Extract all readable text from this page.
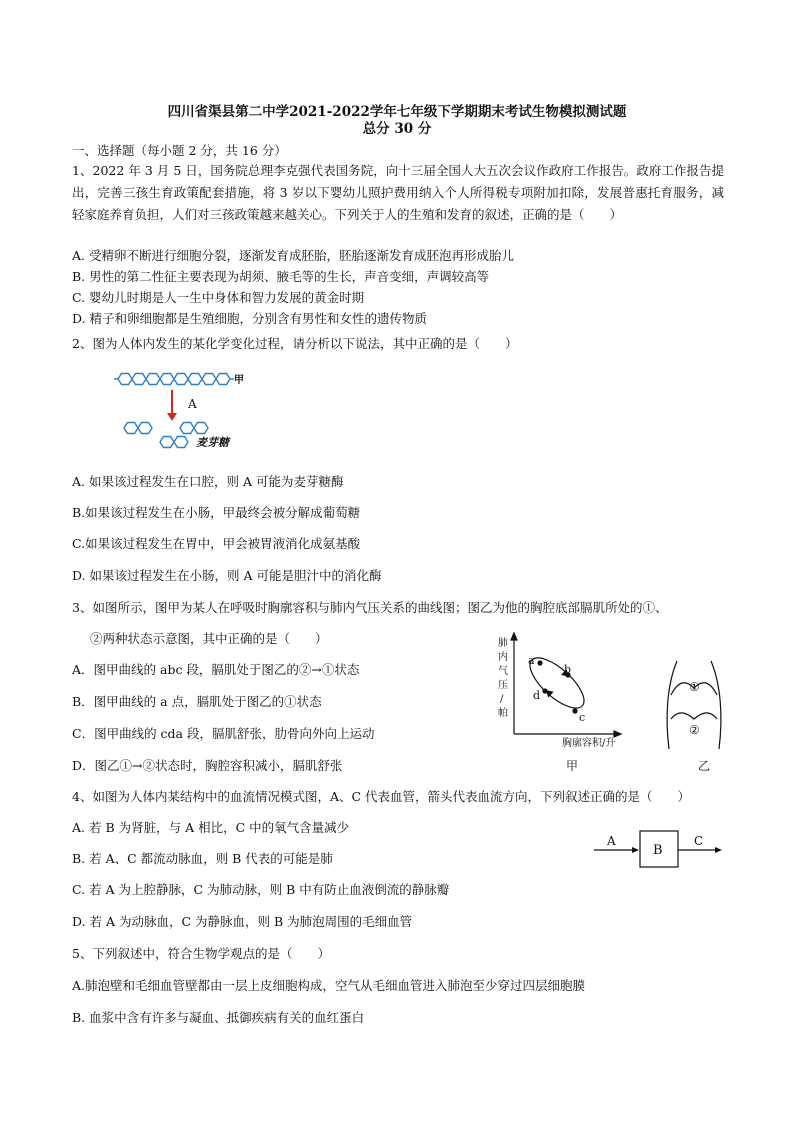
四川省渠县第二中学2021-2022学年七年级下学期期末考试生物模拟测试题
总分 30 分
一、选择题（每小题 2 分，共 16 分）
1、2022 年 3 月 5 日，国务院总理李克强代表国务院，向十三届全国人大五次会议作政府工作报告。政府工作报告提出，完善三孩生育政策配套措施，将 3 岁以下婴幼儿照护费用纳入个人所得税专项附加扣除，发展普惠托育服务，减轻家庭养育负担，人们对三孩政策越来越关心。下列关于人的生殖和发育的叙述，正确的是（　　）
A. 受精卵不断进行细胞分裂，逐渐发育成胚胎，胚胎逐渐发育成胚泡再形成胎儿
B. 男性的第二性征主要表现为胡须、腋毛等的生长，声音变细，声调较高等
C. 婴幼儿时期是人一生中身体和智力发展的黄金时期
D. 精子和卵细胞都是生殖细胞，分别含有男性和女性的遗传物质
2、图为人体内发生的某化学变化过程，请分析以下说法，其中正确的是（　　）
甲
A
麦芽糖
A. 如果该过程发生在口腔，则 A 可能为麦芽糖酶
B.如果该过程发生在小肠，甲最终会被分解成葡萄糖
C.如果该过程发生在胃中，甲会被胃液消化成氨基酸
D. 如果该过程发生在小肠，则 A 可能是胆汁中的消化酶
3、如图所示，图甲为某人在呼吸时胸廓容积与肺内气压关系的曲线图；图乙为他的胸腔底部膈肌所处的①、
②两种状态示意图，其中正确的是（　　）
A．图甲曲线的 abc 段，膈肌处于图乙的②→①状态
B．图甲曲线的 a 点，膈肌处于图乙的①状态
C．图甲曲线的 cda 段，膈肌舒张，肋骨向外向上运动
D．图乙①→②状态时，胸腔容积减小，膈肌舒张
肺
内
气
压
/
帕
a
b
c
d
胸廓容积/升
甲
①
②
乙
4、如图为人体内某结构中的血流情况模式图，A、C 代表血管，箭头代表血流方向，下列叙述正确的是（　　）
A. 若 B 为肾脏，与 A 相比，C 中的氧气含量减少
B. 若 A、C 都流动脉血，则 B 代表的可能是肺
C. 若 A 为上腔静脉，C 为肺动脉，则 B 中有防止血液倒流的静脉瓣
D. 若 A 为动脉血，C 为静脉血，则 B 为肺泡周围的毛细血管
A
B
C
5、下列叙述中，符合生物学观点的是（　　）
A.肺泡壁和毛细血管壁都由一层上皮细胞构成，空气从毛细血管进入肺泡至少穿过四层细胞膜
B. 血浆中含有许多与凝血、抵御疾病有关的血红蛋白
